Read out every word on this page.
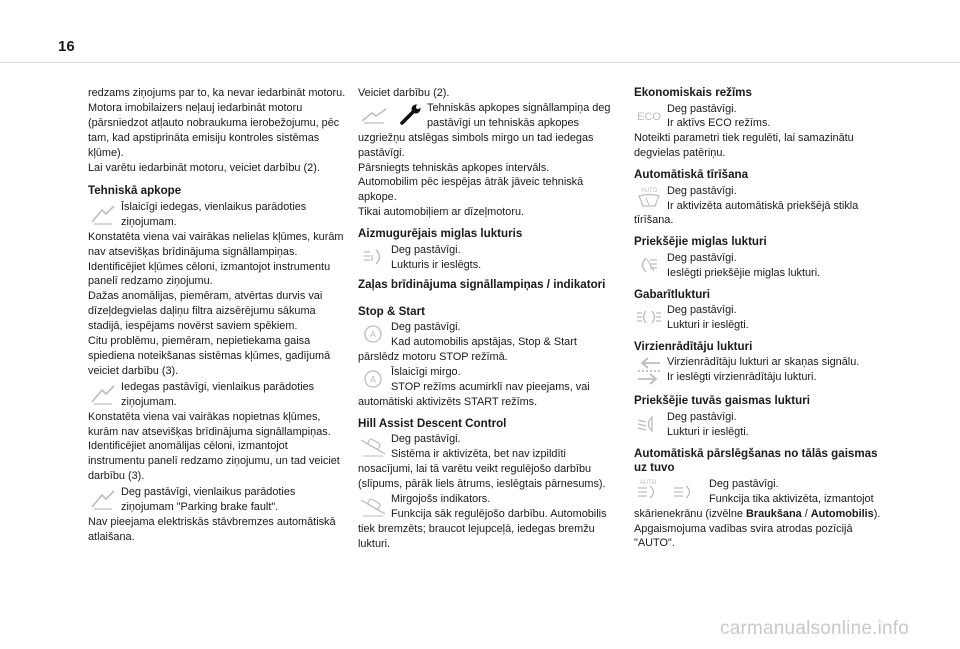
16

redzams ziņojums par to, ka nevar iedarbināt motoru.
Motora imobilaizers neļauj iedarbināt motoru (pārsniedzot atļauto nobraukuma ierobežojumu, pēc tam, kad apstiprināta emisiju kontroles sistēmas kļūme).
Lai varētu iedarbināt motoru, veiciet darbību (2).

Tehniskā apkope
Īslaicīgi iedegas, vienlaikus parādoties ziņojumam.

Konstatēta viena vai vairākas nelielas kļūmes, kurām nav atsevišķas brīdinājuma signāllampiņas.
Identificējiet kļūmes cēloni, izmantojot instrumentu panelī redzamo ziņojumu.
Dažas anomālijas, piemēram, atvērtas durvis vai dīzeļdegvielas daļiņu filtra aizsērējumu sākuma stadijā, iespējams novērst saviem spēkiem.
Citu problēmu, piemēram, nepietiekama gaisa spiediena noteikšanas sistēmas kļūmes, gadījumā veiciet darbību (3).

Iedegas pastāvīgi, vienlaikus parādoties ziņojumam.

Konstatēta viena vai vairākas nopietnas kļūmes, kurām nav atsevišķas brīdinājuma signāllampiņas.
Identificējiet anomālijas cēloni, izmantojot instrumentu panelī redzamo ziņojumu, un tad veiciet darbību (3).

Deg pastāvīgi, vienlaikus parādoties ziņojumam "Parking brake fault".

Nav pieejama elektriskās stāvbremzes automātiskā atlaišana.

Veiciet darbību (2).

Tehniskās apkopes signāllampiņa deg pastāvīgi un tehniskās apkopes uzgriežņu atslēgas simbols mirgo un tad iedegas pastāvīgi.
Pārsniegts tehniskās apkopes intervāls.
Automobilim pēc iespējas ātrāk jāveic tehniskā apkope.
Tikai automobiļiem ar dīzeļmotoru.
Aizmugurējais miglas lukturis
Deg pastāvīgi.
Lukturis ir ieslēgts.
Zaļas brīdinājuma signāllampiņas / indikatori
Stop & Start
A
Deg pastāvīgi.
Kad automobilis apstājas, Stop & Start pārslēdz motoru STOP režīmā.
A
Īslaicīgi mirgo.
STOP režīms acumirklī nav pieejams, vai automātiski aktivizēts START režīms.
Hill Assist Descent Control
Deg pastāvīgi.
Sistēma ir aktivizēta, bet nav izpildīti nosacījumi, lai tā varētu veikt regulējošo darbību (slīpums, pārāk liels ātrums, ieslēgtais pārnesums).
Mirgojošs indikators.
Funkcija sāk regulējošo darbību. Automobilis tiek bremzēts; braucot lejupceļā, iedegas bremžu lukturi.
Ekonomiskais režīms
ECO
Deg pastāvīgi.
Ir aktīvs ECO režīms.
Noteikti parametri tiek regulēti, lai samazinātu degvielas patēriņu.
Automātiskā tīrīšana
AUTO Deg pastāvīgi.
Ir aktivizēta automātiskā priekšējā stikla tīrīšana.
Priekšējie miglas lukturi
Deg pastāvīgi.
Ieslēgti priekšējie miglas lukturi.
Gabarītlukturi
Deg pastāvīgi.
Lukturi ir ieslēgti.
Virzienrādītāju lukturi
Virzienrādītāju lukturi ar skaņas signālu.
Ir ieslēgti virzienrādītāju lukturi.
Priekšējie tuvās gaismas lukturi
Deg pastāvīgi.
Lukturi ir ieslēgti.
Automātiskā pārslēgšanas no tālās gaismas uz tuvo
AUTO	Deg pastāvīgi.
Funkcija tika aktivizēta, izmantojot skārienekrānu (izvēlne Braukšana / Automobilis).
Apgaismojuma vadības svira atrodas pozīcijā "AUTO".
carmanualsonline.info
